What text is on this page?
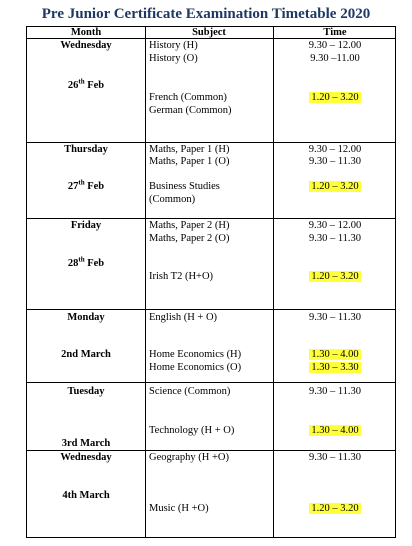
Pre Junior Certificate Examination Timetable 2020
Month	Subject	Time
Wednesday
26th Feb
History (H)	9.30 – 12.00
History (O)	9.30 –11.00
French (Common)	1.20 – 3.20
German (Common)
Thursday
27th Feb
Maths, Paper 1 (H)	9.30 – 12.00
Maths, Paper 1 (O)	9.30 – 11.30
Business Studies	1.20 – 3.20
(Common)
Friday
28th Feb
Maths, Paper 2 (H)	9.30 – 12.00
Maths, Paper 2 (O)	9.30 – 11.30
Irish T2 (H+O)	1.20 – 3.20
Monday
2nd March
English (H + O)	9.30 – 11.30
Home Economics (H)	1.30 – 4.00
Home Economics (O)	1.30 – 3.30
Tuesday
3rd March
Science (Common)	9.30 – 11.30
Technology (H + O)	1.30 – 4.00
Wednesday
4th March
Geography (H +O)	9.30 – 11.30
Music (H +O)	1.20 – 3.20
